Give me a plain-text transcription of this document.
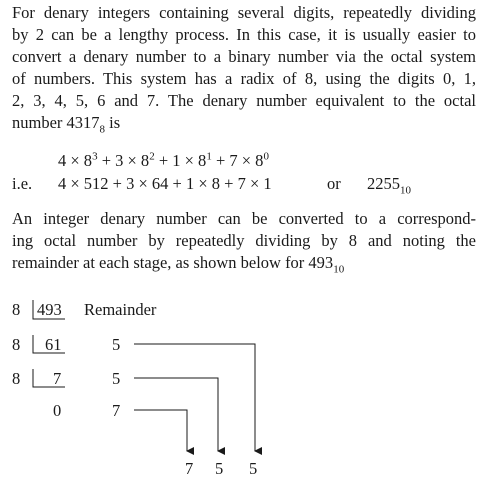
For denary integers containing several digits, repeatedly dividing
by 2 can be a lengthy process. In this case, it is usually easier to
convert a denary number to a binary number via the octal system
of numbers. This system has a radix of 8, using the digits 0, 1,
2, 3, 4, 5, 6 and 7. The denary number equivalent to the octal
number $4317_8$ is
$4 \times 8^3 + 3 \times 8^2 + 1 \times 8^1 + 7 \times 8^0$
i.e. 4 × 512 + 3 × 64 + 1 × 8 + 7 × 1	or $2255_{10}$
An integer denary number can be converted to a correspond-
ing octal number by repeatedly dividing by 8 and noting the
remainder at each stage, as shown below for $493_{10}$
8
8
8
493
61
7
0
Remainder
5
5
7
7 5 5
